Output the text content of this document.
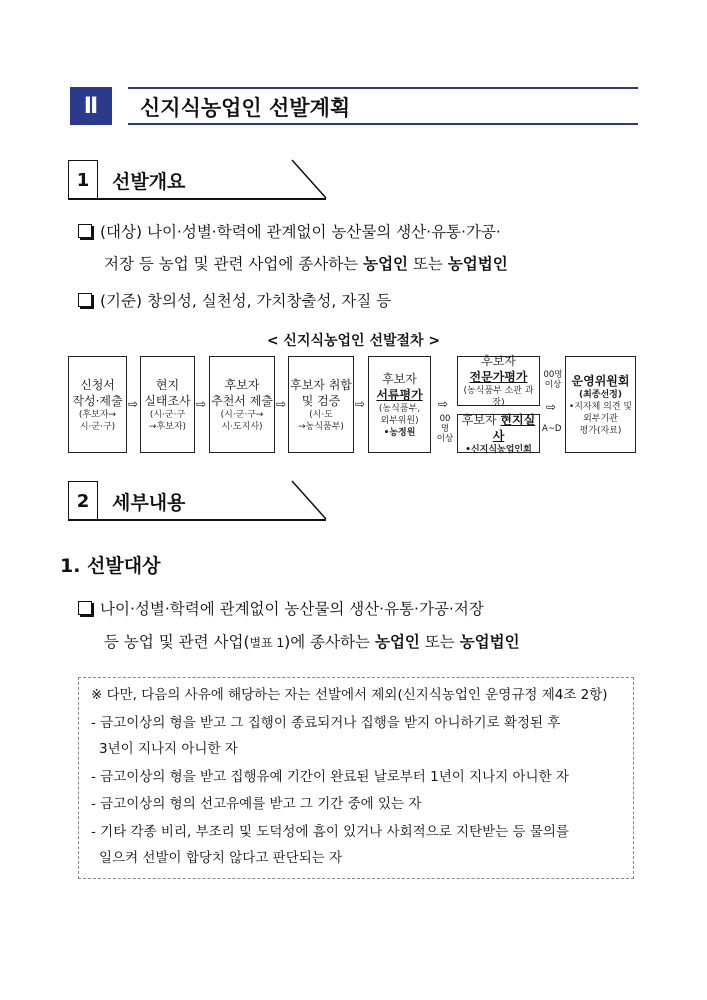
Ⅱ	신지식농업인 선발계획
1	선발개요
(대상) 나이·성별·학력에 관계없이 농산물의 생산·유통·가공·
저장 등 농업 및 관련 사업에 종사하는 농업인 또는 농업법인
(기준) 창의성, 실천성, 가치창출성, 자질 등
< 신지식농업인 선발절차 >
신청서
작성·제출
(후보자→
시·군·구)
⇨
현지
실태조사
(시·군·구
→후보자)
⇨
후보자
추천서 제출
(시·군·구→
시·도지사)
⇨
후보자 취합
및 검증
(시·도
→농식품부)
⇨
후보자
서류평가
(농식품부,
외부위원)
•농정원
⇨
00명 이상
후보자
전문가평가
(농식품부 소관 과장)
후보자 현지실사
•신지식농업인회
00명 이상
⇨
A~D
운영위원회
(최종선정)
•지자체 의견 및
외부기관
평가(자료)
2	세부내용
1. 선발대상
나이·성별·학력에 관계없이 농산물의 생산·유통·가공·저장
등 농업 및 관련 사업(별표 1)에 종사하는 농업인 또는 농업법인
※ 다만, 다음의 사유에 해당하는 자는 선발에서 제외(신지식농업인 운영규정 제4조 2항)
- 금고이상의 형을 받고 그 집행이 종료되거나 집행을 받지 아니하기로 확정된 후
3년이 지나지 아니한 자
- 금고이상의 형을 받고 집행유예 기간이 완료된 날로부터 1년이 지나지 아니한 자
- 금고이상의 형의 선고유예를 받고 그 기간 중에 있는 자
- 기타 각종 비리, 부조리 및 도덕성에 흠이 있거나 사회적으로 지탄받는 등 물의를
일으켜 선발이 합당치 않다고 판단되는 자
